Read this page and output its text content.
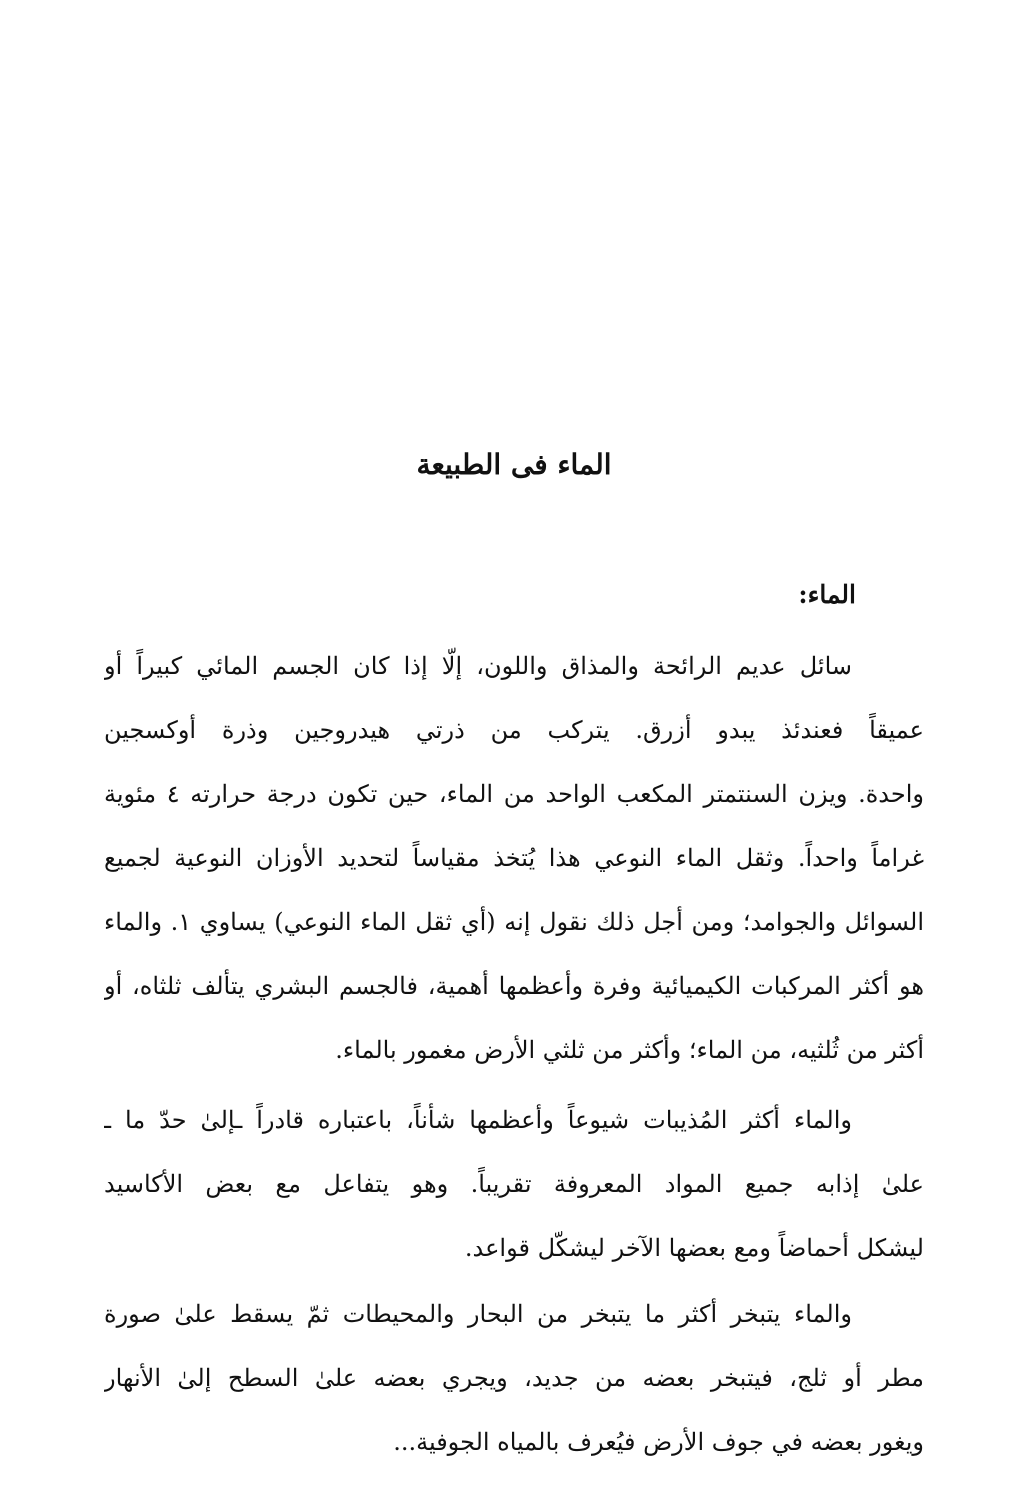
الماء فى الطبيعة
الماء:
سائل عديم الرائحة والمذاق واللون، إلّا إذا كان الجسم المائي كبيراً أو
عميقاً فعندئذ يبدو أزرق. يتركب من ذرتي هيدروجين وذرة أوكسجين
واحدة. ويزن السنتمتر المكعب الواحد من الماء، حين تكون درجة حرارته ٤ مئوية
غراماً واحداً. وثقل الماء النوعي هذا يُتخذ مقياساً لتحديد الأوزان النوعية لجميع
السوائل والجوامد؛ ومن أجل ذلك نقول إنه (أي ثقل الماء النوعي) يساوي ١. والماء
هو أكثر المركبات الكيميائية وفرة وأعظمها أهمية، فالجسم البشري يتألف ثلثاه، أو
أكثر من ثُلثيه، من الماء؛ وأكثر من ثلثي الأرض مغمور بالماء.
والماء أكثر المُذيبات شيوعاً وأعظمها شأناً، باعتباره قادراً ـإلىٰ حدّ ما ـ
علىٰ إذابه جميع المواد المعروفة تقريباً. وهو يتفاعل مع بعض الأكاسيد
ليشكل أحماضاً ومع بعضها الآخر ليشكّل قواعد.
والماء يتبخر أكثر ما يتبخر من البحار والمحيطات ثمّ يسقط علىٰ صورة
مطر أو ثلج، فيتبخر بعضه من جديد، ويجري بعضه علىٰ السطح إلىٰ الأنهار
ويغور بعضه في جوف الأرض فيُعرف بالمياه الجوفية...
